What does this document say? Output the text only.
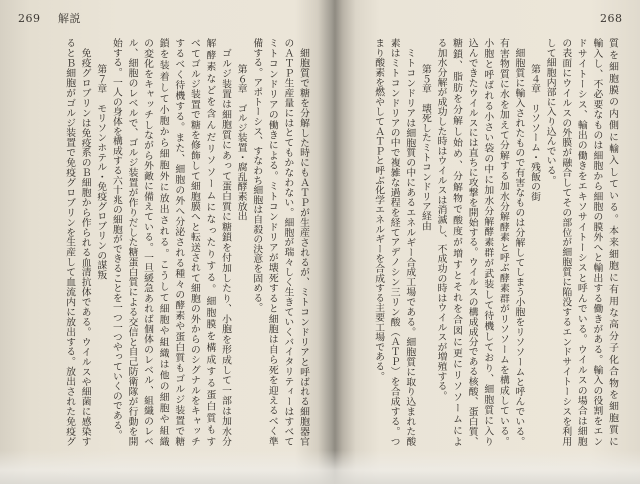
269 解説
細胞質で糖を分解した時にもＡＴＰが生産されるが、ミトコンドリアと呼ばれる細胞器官
のＡＴＰ生産量にはとてもかなわない。細胞が瑞々しく生きていくバイタリティーはすべて
ミトコンドリアの働きによる。ミトコンドリアが壊死すると細胞は自ら死を迎えるべく準
備する。アポトーシス、すなわち細胞は自殺の決意を固める。
第６章　ゴルジ装置・腐乱酵素放出
ゴルジ装置は細胞質にあって蛋白質に糖鎖を付加したり、小胞を形成して一部は加水分
解酵素などを含んだリソソームになったりする。細胞膜を構成する蛋白質もす
べてゴルジ装置で糖を修飾して細胞膜へと転送されて細胞の外からのシグナルをキャッチ
するべく待機する。また、細胞の外へ分泌される種々の酵素や蛋白質もゴルジ装置で糖
鎖を装着して小胞から細胞外に放出される。こうして細胞や組織は他の細胞や組織
の変化をキャッチしながら外敵に備えている。一旦緩急あれば個体のレベル、組織のレベ
ル、細胞のレベルで、ゴルジ装置が作りだした糖蛋白質による交信と自己防衛隊が行動を開
始する。一人の身体を構成する六十兆の細胞ができることを一つ一つやっていくのである。
第７章　モリソンホテル・免疫グロブリンの謀叛
免疫グロブリンは免疫系のＢ細胞から作られる血清抗体である。ウイルスや細菌に感染す
るとＢ細胞がゴルジ装置で免疫グロブリンを生産して血流内に放出する。放出された免疫グ
268
質を細胞膜の内側に輸入している。本来細胞に有用な高分子化合物を細胞質に
輸入し、不必要なものは細胞から細胞の膜外へと輸出する働きがある。輸入の役割をエン
ドサイトーシス、輸出の働きをエキソサイトーシスと呼んでいる。ウイルスの場合は細胞
の表面にウイルスの外膜が融合してその部位が細胞質に陥没するエンドサイトーシスを利用
して細胞内部に入り込んでいる。
第４章　リソソーム・残飯の街
細胞質に輸入されたもので有害なものは分解してしまう小胞をリソソームと呼んでいる。
有害物質に水を加えて分解する加水分解酵素と呼ぶ酵素群がリソソームを構成している。
小胞と呼ばれる小さい袋の中に加水分解酵素群が武装して待機しており、細胞質に入り
込んできたウイルスには直ちに攻撃を開始する。ウイルスの構成成分である核酸、蛋白質、
糖鎖、脂肪を分解し始め、分解物で酸度が増すとそれを合図に更にリソソームによ
る加水分解が成功した時はウイルスは消滅し、不成功の時はウイルスが増殖する。
第５章　壊死したミトコンドリア経由
ミトコンドリアは細胞質の中にあるエネルギー合成工場である。細胞質に取り込まれた酸
素はミトコンドリアの中で複雑な過程を経てアデノシン三リン酸（ＡＴＰ）を合成する。つ
まり酸素を燃やしてＡＴＰと呼ぶ化学エネルギーを合成する主要工場である。
